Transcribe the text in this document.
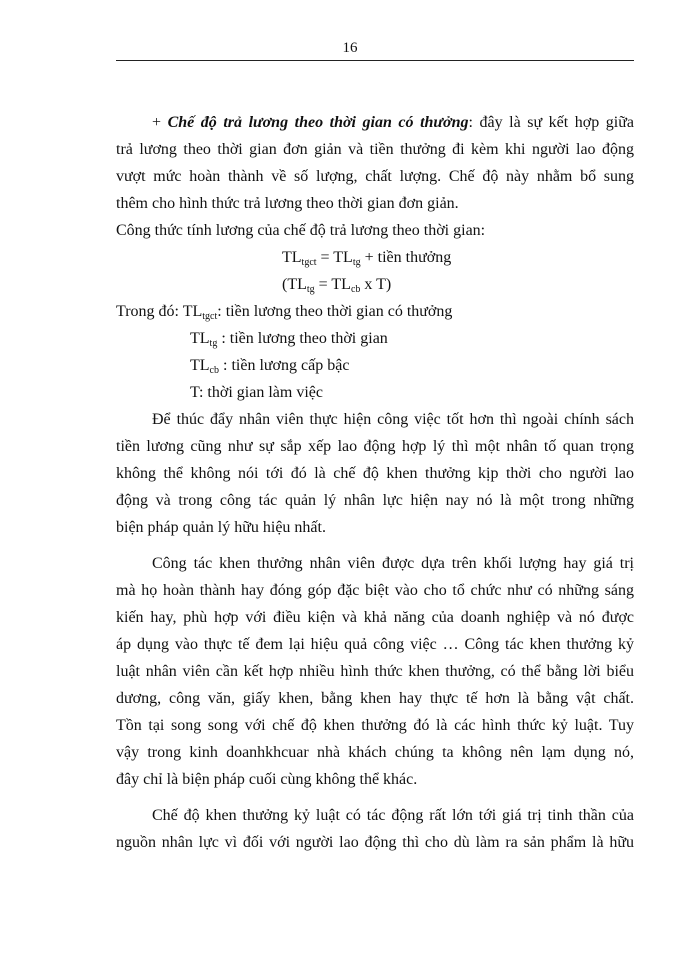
16

+ Chế độ trả lương theo thời gian có thưởng: đây là sự kết hợp giữa

trả lương theo thời gian đơn giản và tiền thưởng đi kèm khi người lao động

vượt mức hoàn thành về số lượng, chất lượng. Chế độ này nhằm bổ sung

thêm cho hình thức trả lương theo thời gian đơn giản.

Công thức tính lương của chế độ trả lương theo thời gian:

$TL_{tgct} = TL_{tg}$ + tiền thưởng

($TL_{tg} = TL_{cb}$ x T)

Trong đó: $TL_{tgct}$: tiền lương theo thời gian có thưởng

$TL_{tg}$ : tiền lương theo thời gian

$TL_{cb}$ : tiền lương cấp bậc

T: thời gian làm việc

Để thúc đẩy nhân viên thực hiện công việc tốt hơn thì ngoài chính sách

tiền lương cũng như sự sắp xếp lao động hợp lý thì một nhân tố quan trọng

không thể không nói tới đó là chế độ khen thưởng kịp thời cho người lao

động và trong công tác quản lý nhân lực hiện nay nó là một trong những

biện pháp quản lý hữu hiệu nhất.

Công tác khen thưởng nhân viên được dựa trên khối lượng hay giá trị

mà họ hoàn thành hay đóng góp đặc biệt vào cho tổ chức như có những sáng

kiến hay, phù hợp với điều kiện và khả năng của doanh nghiệp và nó được

áp dụng vào thực tế đem lại hiệu quả công việc … Công tác khen thưởng kỷ

luật nhân viên cần kết hợp nhiều hình thức khen thưởng, có thể bằng lời biểu

dương, công văn, giấy khen, bằng khen hay thực tế hơn là bằng vật chất.

Tồn tại song song với chế độ khen thưởng đó là các hình thức kỷ luật. Tuy

vậy trong kinh doanhkhcuar nhà khách chúng ta không nên lạm dụng nó,

đây chỉ là biện pháp cuối cùng không thể khác.

Chế độ khen thưởng kỷ luật có tác động rất lớn tới giá trị tinh thần của

nguồn nhân lực vì đối với người lao động thì cho dù làm ra sản phẩm là hữu
